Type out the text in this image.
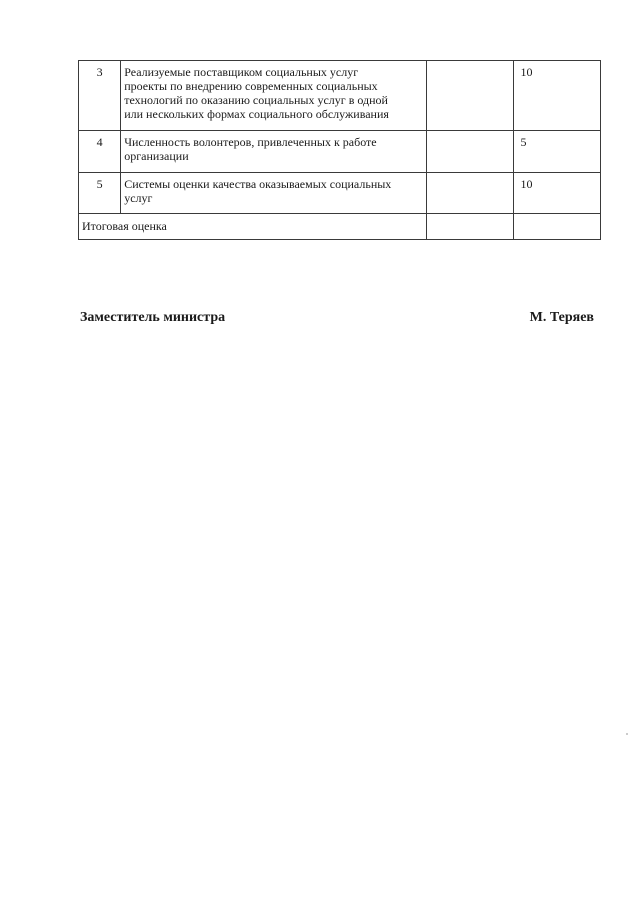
3	Реализуемые поставщиком социальных услуг
проекты по внедрению современных социальных
технологий по оказанию социальных услуг в одной
или нескольких формах социального обслуживания		10
4	Численность волонтеров, привлеченных к работе
организации		5
5	Системы оценки качества оказываемых социальных
услуг		10
Итоговая оценка			
Заместитель министра	М. Теряев
